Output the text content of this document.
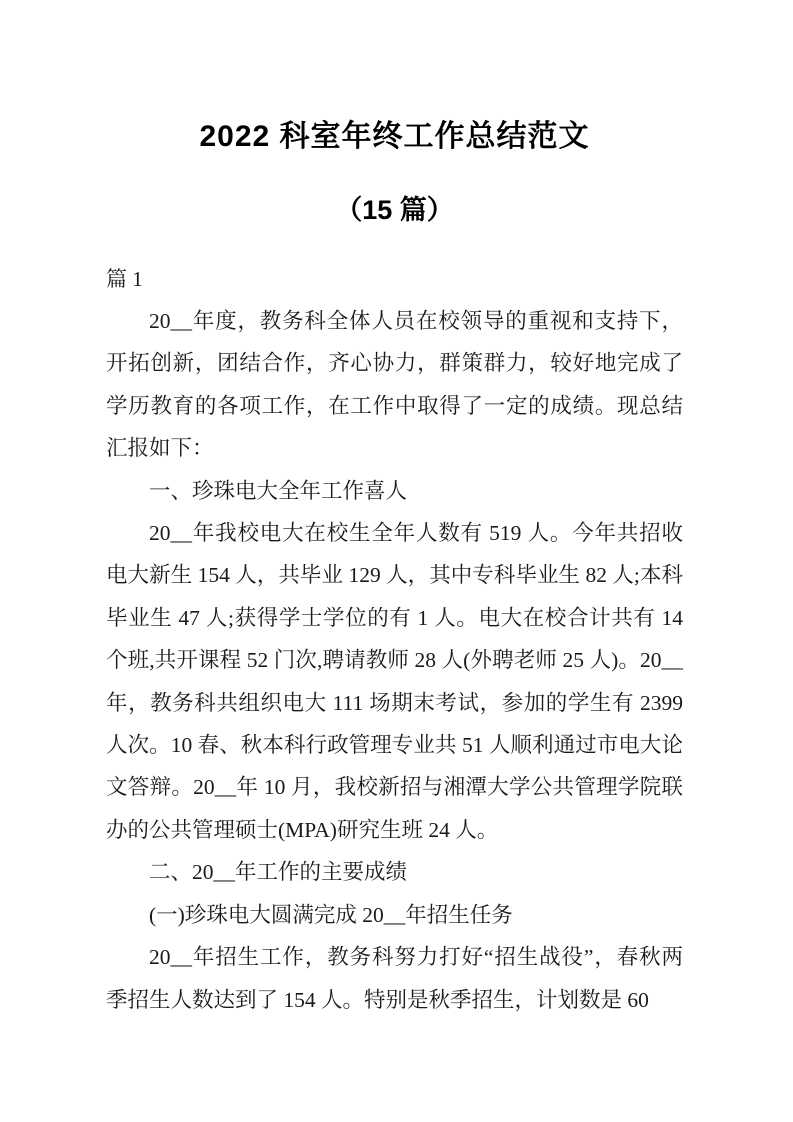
2022 科室年终工作总结范文
（15 篇）
篇 1

20__年度，教务科全体人员在校领导的重视和支持下，开拓创新，团结合作，齐心协力，群策群力，较好地完成了学历教育的各项工作，在工作中取得了一定的成绩。现总结汇报如下：

一、珍珠电大全年工作喜人

20__年我校电大在校生全年人数有 519 人。今年共招收电大新生 154 人，共毕业 129 人，其中专科毕业生 82 人;本科毕业生 47 人;获得学士学位的有 1 人。电大在校合计共有 14 个班,共开课程 52 门次,聘请教师 28 人(外聘老师 25 人)。20__年，教务科共组织电大 111 场期末考试，参加的学生有 2399 人次。10 春、秋本科行政管理专业共 51 人顺利通过市电大论文答辩。20__年 10 月，我校新招与湘潭大学公共管理学院联办的公共管理硕士(MPA)研究生班 24 人。

二、20__年工作的主要成绩

(一)珍珠电大圆满完成 20__年招生任务

20__年招生工作，教务科努力打好“招生战役”，春秋两季招生人数达到了 154 人。特别是秋季招生，计划数是 60
